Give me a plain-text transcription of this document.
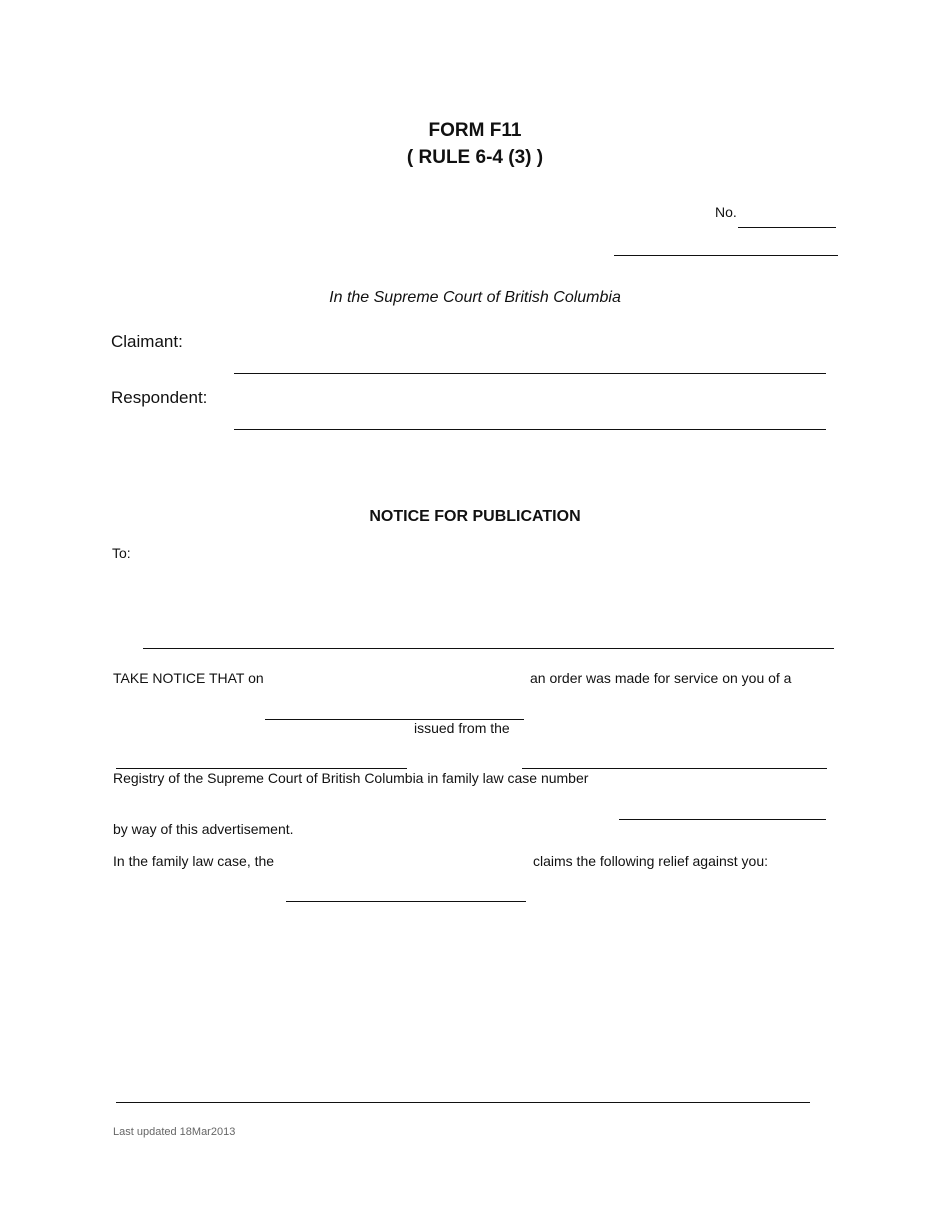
FORM F11
( RULE 6-4 (3) )
No.
In the Supreme Court of British Columbia
Claimant:
Respondent:
NOTICE FOR PUBLICATION
To:
TAKE NOTICE THAT on	an order was made for service on you of a
issued from the
Registry of the Supreme Court of British Columbia in family law case number
by way of this advertisement.
In the family law case, the	claims the following relief against you:
Last updated 18Mar2013
